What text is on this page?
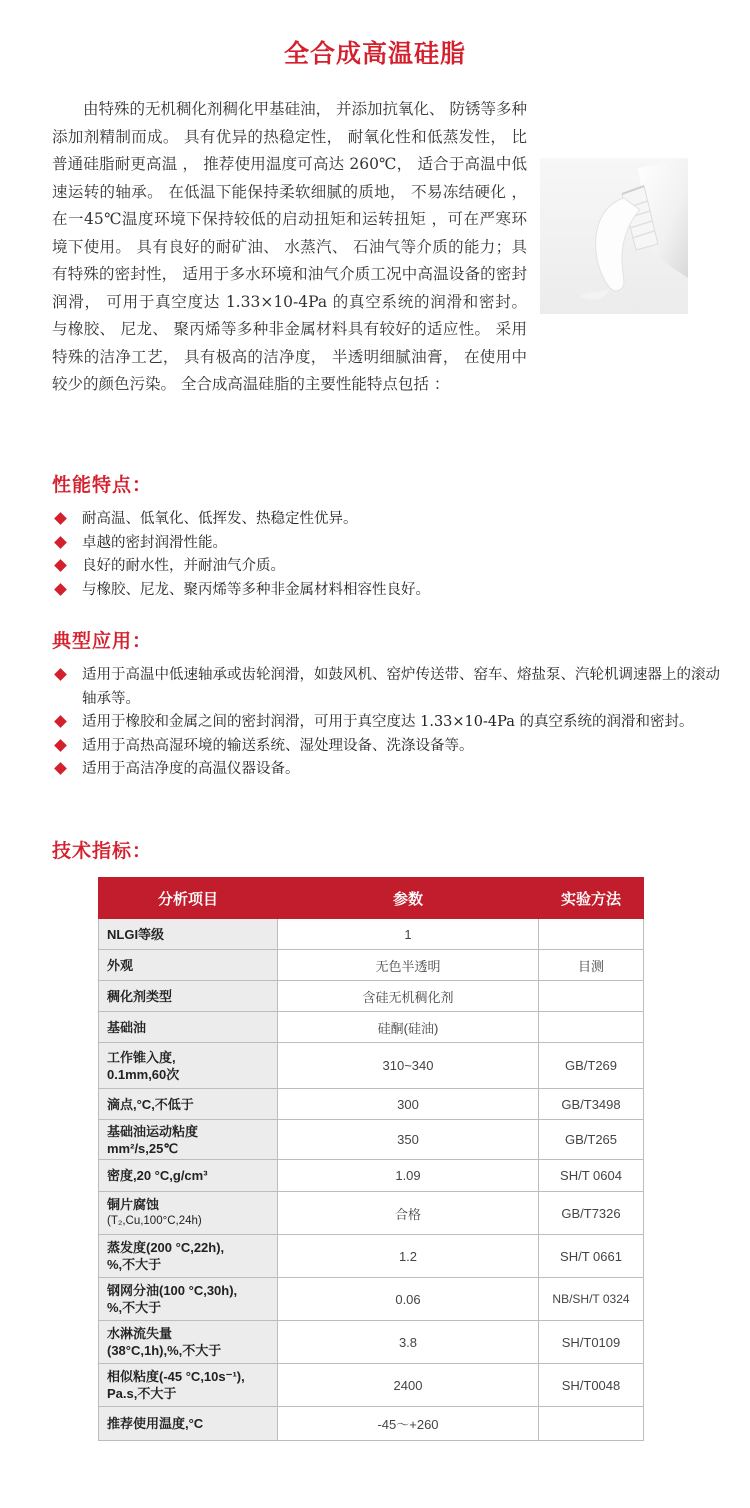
全合成高温硅脂

由特殊的无机稠化剂稠化甲基硅油， 并添加抗氧化、 防锈等多种添加剂精制而成。 具有优异的热稳定性， 耐氧化性和低蒸发性， 比普通硅脂耐更高温 ， 推荐使用温度可高达 260℃， 适合于高温中低速运转的轴承。 在低温下能保持柔软细腻的质地， 不易冻结硬化 ，在一45℃温度环境下保持较低的启动扭矩和运转扭矩 ，可在严寒环境下使用。 具有良好的耐矿油、 水蒸汽、 石油气等介质的能力；具有特殊的密封性， 适用于多水环境和油气介质工况中高温设备的密封润滑， 可用于真空度达 1.33×10-4Pa 的真空系统的润滑和密封。 与橡胶、 尼龙、 聚丙烯等多种非金属材料具有较好的适应性。 采用特殊的洁净工艺， 具有极高的洁净度， 半透明细腻油膏， 在使用中较少的颜色污染。 全合成高温硅脂的主要性能特点包括 ：

性能特点：
耐高温、低氧化、低挥发、热稳定性优异。
卓越的密封润滑性能。
良好的耐水性，并耐油气介质。
与橡胶、尼龙、聚丙烯等多种非金属材料相容性良好。
典型应用：
适用于高温中低速轴承或齿轮润滑，如鼓风机、窑炉传送带、窑车、熔盐泵、汽轮机调速器上的滚动轴承等。
适用于橡胶和金属之间的密封润滑，可用于真空度达 1.33×10-4Pa 的真空系统的润滑和密封。
适用于高热高湿环境的输送系统、湿处理设备、洗涤设备等。
适用于高洁净度的高温仪器设备。
技术指标：
分析项目	参数	实验方法
NLGI等级	1	
外观	无色半透明	目测
稠化剂类型	含硅无机稠化剂	
基础油	硅酮(硅油)	
工作锥入度,
0.1mm,60次	310~340	GB/T269
滴点,°C,不低于	300	GB/T3498
基础油运动粘度
mm²/s,25℃	350	GB/T265
密度,20 °C,g/cm³	1.09	SH/T 0604
铜片腐蚀
(T₂,Cu,100°C,24h)	合格	GB/T7326
蒸发度(200 °C,22h),
%,不大于	1.2	SH/T 0661
钢网分油(100 °C,30h),
%,不大于	0.06	NB/SH/T 0324
水淋流失量
(38°C,1h),%,不大于	3.8	SH/T0109
相似粘度(-45 °C,10s⁻¹),
Pa.s,不大于	2400	SH/T0048
推荐使用温度,°C	-45～+260	
